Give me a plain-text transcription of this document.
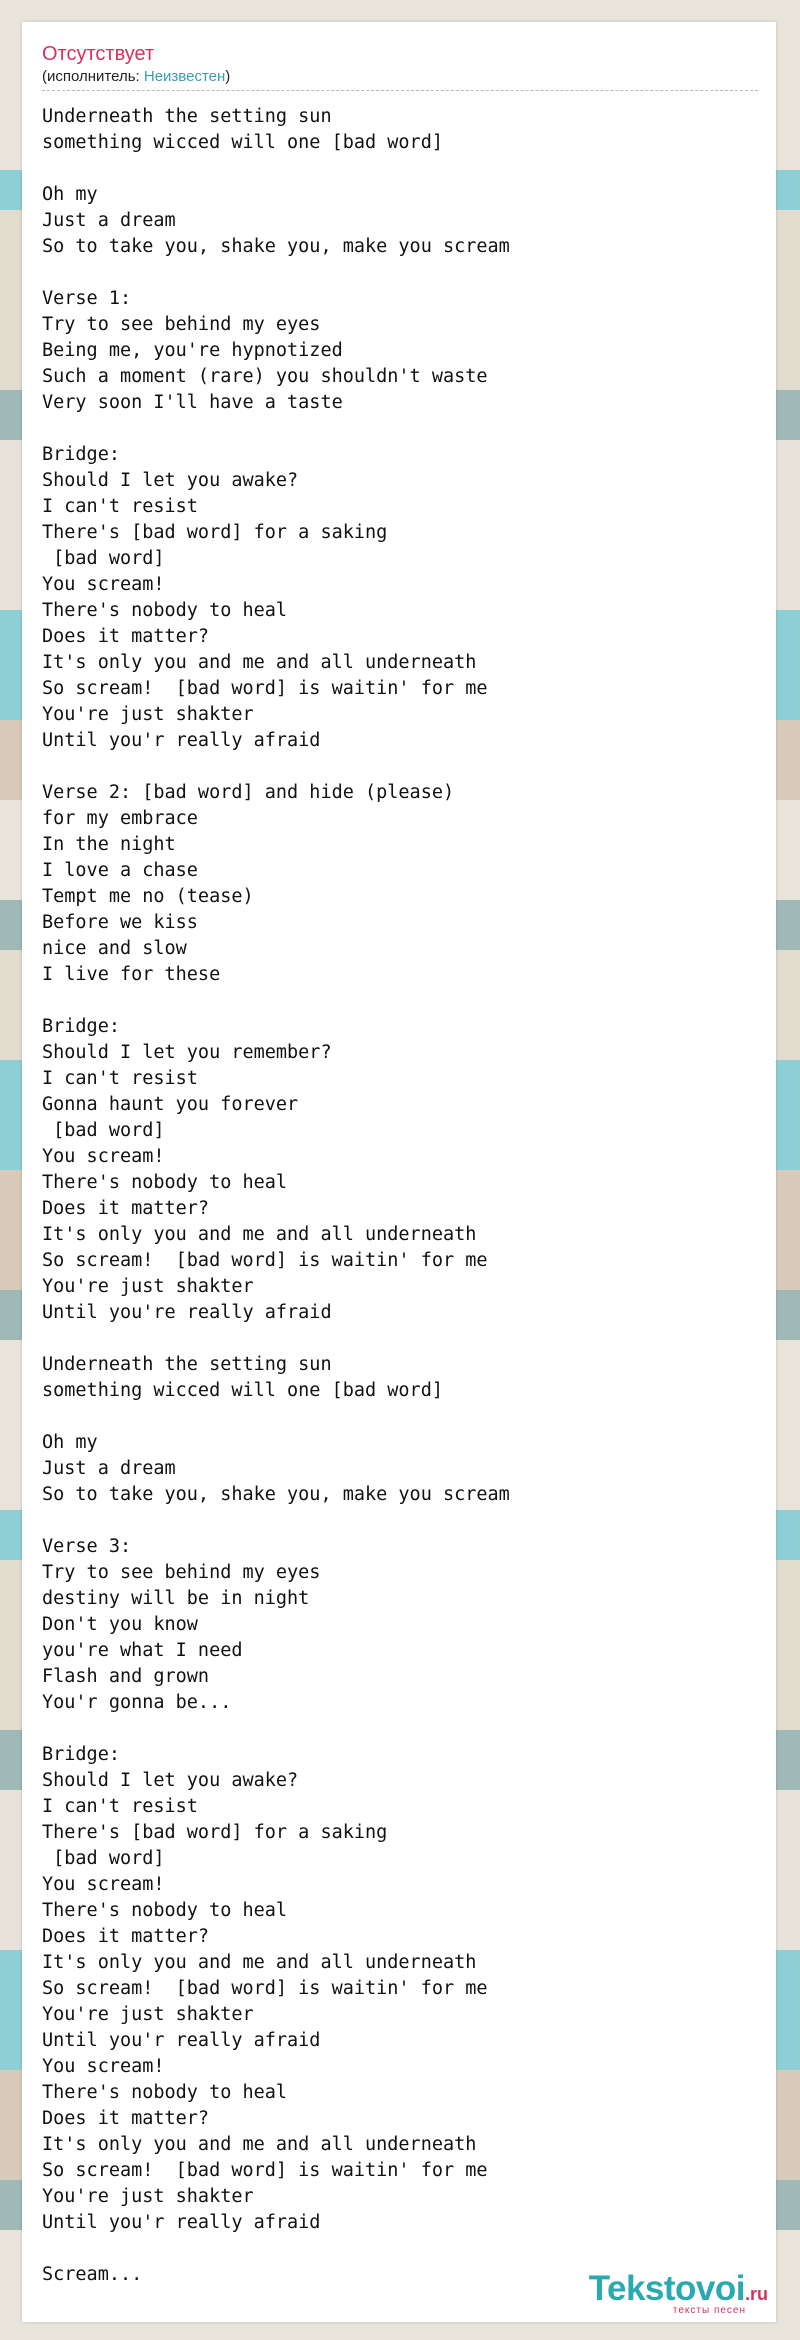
Отсутствует
(исполнитель: Неизвестен)
Underneath the setting sun
something wicced will one [bad word]

Oh my
Just a dream
So to take you, shake you, make you scream

Verse 1:
Try to see behind my eyes
Being me, you're hypnotized
Such a moment (rare) you shouldn't waste
Very soon I'll have a taste

Bridge:
Should I let you awake?
I can't resist
There's [bad word] for a saking
[bad word]
You scream!
There's nobody to heal
Does it matter?
It's only you and me and all underneath
So scream!  [bad word] is waitin' for me
You're just shakter
Until you'r really afraid

Verse 2: [bad word] and hide (please)
for my embrace
In the night
I love a chase
Tempt me no (tease)
Before we kiss
nice and slow
I live for these

Bridge:
Should I let you remember?
I can't resist
Gonna haunt you forever
[bad word]
You scream!
There's nobody to heal
Does it matter?
It's only you and me and all underneath
So scream!  [bad word] is waitin' for me
You're just shakter
Until you're really afraid

Underneath the setting sun
something wicced will one [bad word]

Oh my
Just a dream
So to take you, shake you, make you scream

Verse 3:
Try to see behind my eyes
destiny will be in night
Don't you know
you're what I need
Flash and grown
You'r gonna be...

Bridge:
Should I let you awake?
I can't resist
There's [bad word] for a saking
[bad word]
You scream!
There's nobody to heal
Does it matter?
It's only you and me and all underneath
So scream!  [bad word] is waitin' for me
You're just shakter
Until you'r really afraid
You scream!
There's nobody to heal
Does it matter?
It's only you and me and all underneath
So scream!  [bad word] is waitin' for me
You're just shakter
Until you'r really afraid

Scream...	Tekstovoi.ru
тексты песен
